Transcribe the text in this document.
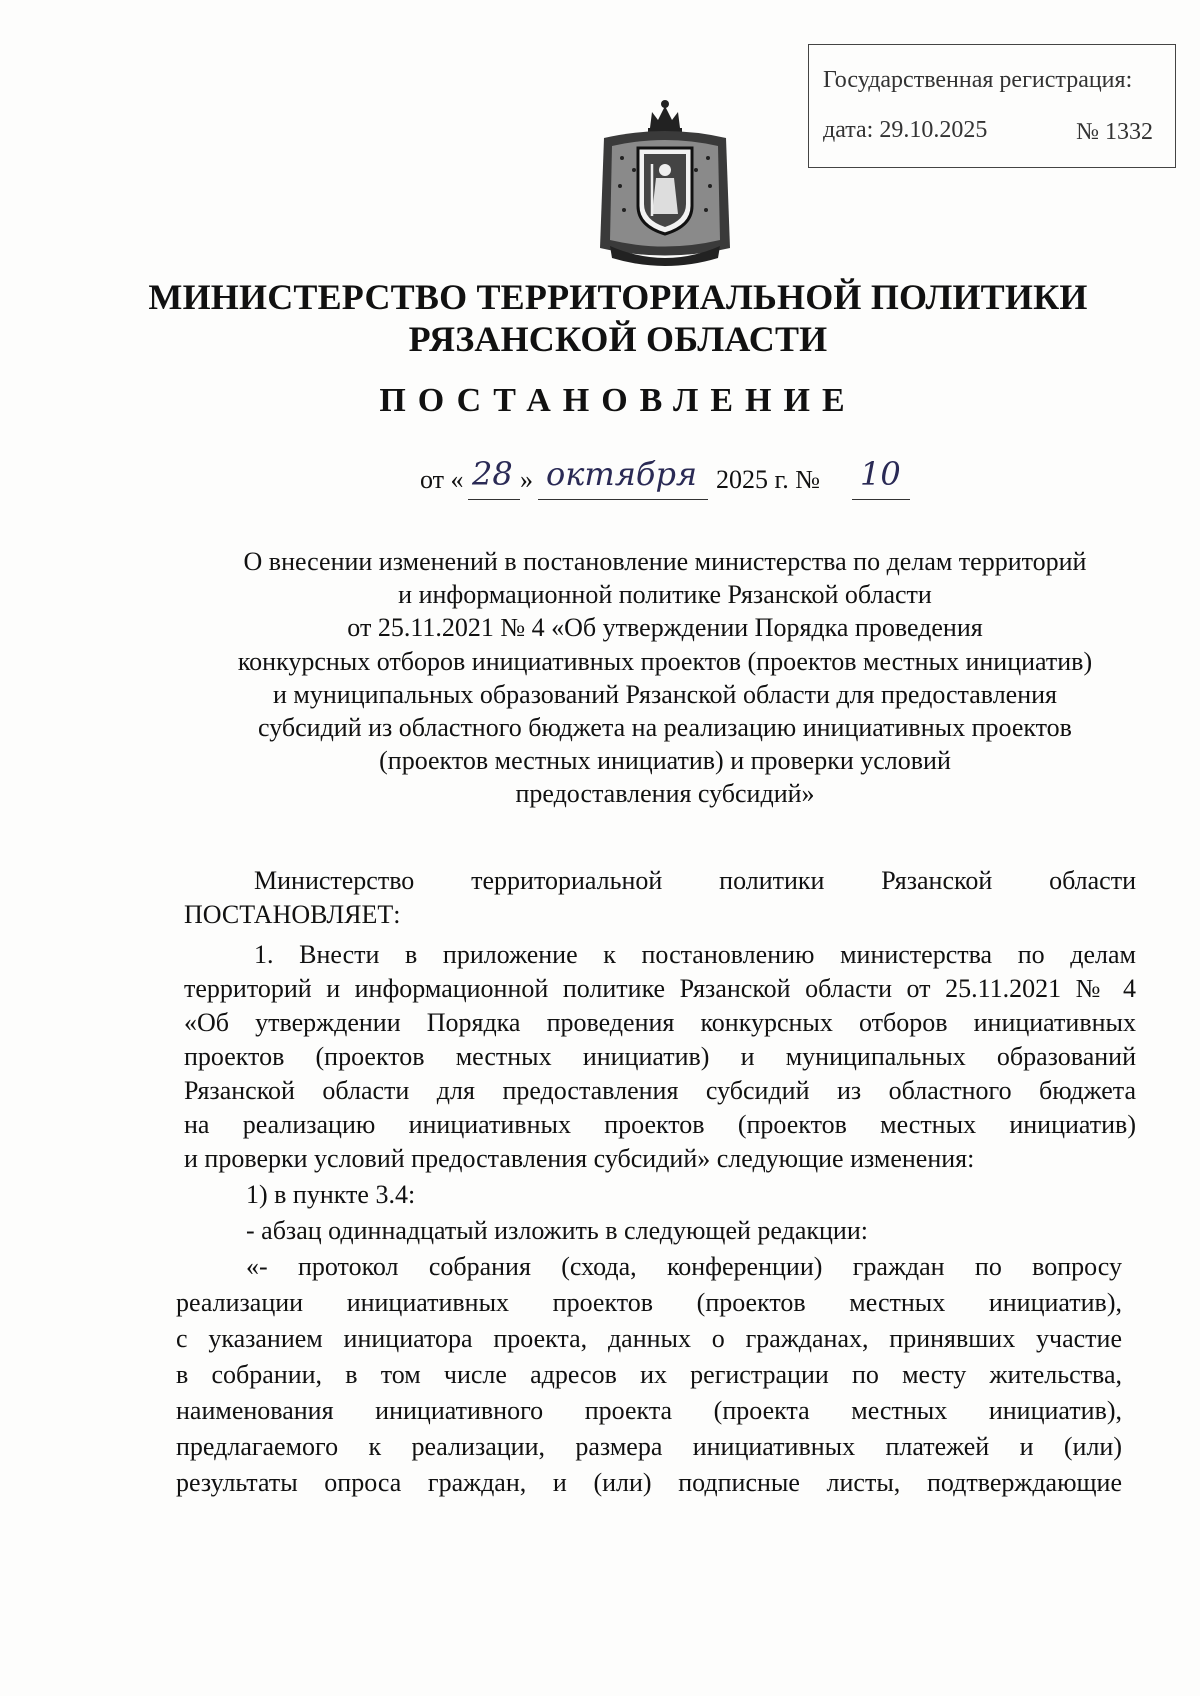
Государственная регистрация:
дата: 29.10.2025	№ 1332
МИНИСТЕРСТВО ТЕРРИТОРИАЛЬНОЙ ПОЛИТИКИ
РЯЗАНСКОЙ ОБЛАСТИ
ПОСТАНОВЛЕНИЕ
от « 28 » октября 2025 г. № 10
О внесении изменений в постановление министерства по делам территорий
и информационной политике Рязанской области
от 25.11.2021 № 4 «Об утверждении Порядка проведения
конкурсных отборов инициативных проектов (проектов местных инициатив)
и муниципальных образований Рязанской области для предоставления
субсидий из областного бюджета на реализацию инициативных проектов
(проектов местных инициатив) и проверки условий
предоставления субсидий»
Министерство территориальной политики Рязанской области
ПОСТАНОВЛЯЕТ:
1. Внести в приложение к постановлению министерства по делам
территорий и информационной политике Рязанской области от 25.11.2021 № 4
«Об утверждении Порядка проведения конкурсных отборов инициативных
проектов (проектов местных инициатив) и муниципальных образований
Рязанской области для предоставления субсидий из областного бюджета
на реализацию инициативных проектов (проектов местных инициатив)
и проверки условий предоставления субсидий» следующие изменения:
1) в пункте 3.4:
- абзац одиннадцатый изложить в следующей редакции:
«- протокол собрания (схода, конференции) граждан по вопросу
реализации инициативных проектов (проектов местных инициатив),
с указанием инициатора проекта, данных о гражданах, принявших участие
в собрании, в том числе адресов их регистрации по месту жительства,
наименования инициативного проекта (проекта местных инициатив),
предлагаемого к реализации, размера инициативных платежей и (или)
результаты опроса граждан, и (или) подписные листы, подтверждающие
